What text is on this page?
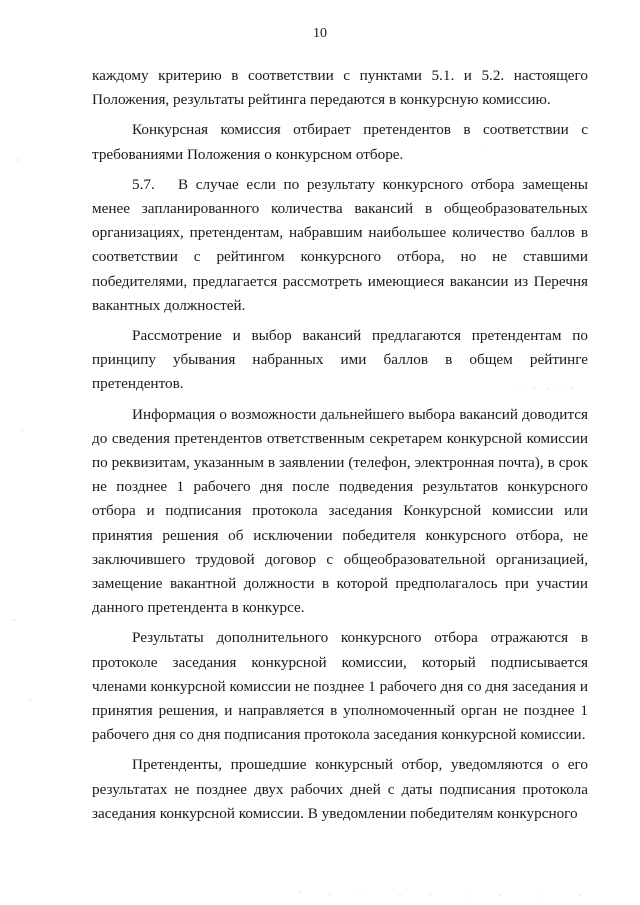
10

каждому критерию в соответствии с пунктами 5.1. и 5.2. настоящего Положения, результаты рейтинга передаются в конкурсную комиссию.

Конкурсная комиссия отбирает претендентов в соответствии с требованиями Положения о конкурсном отборе.

5.7. В случае если по результату конкурсного отбора замещены менее запланированного количества вакансий в общеобразовательных организациях, претендентам, набравшим наибольшее количество баллов в соответствии с рейтингом конкурсного отбора, но не ставшими победителями, предлагается рассмотреть имеющиеся вакансии из Перечня вакантных должностей.

Рассмотрение и выбор вакансий предлагаются претендентам по принципу убывания набранных ими баллов в общем рейтинге претендентов.

Информация о возможности дальнейшего выбора вакансий доводится до сведения претендентов ответственным секретарем конкурсной комиссии по реквизитам, указанным в заявлении (телефон, электронная почта), в срок не позднее 1 рабочего дня после подведения результатов конкурсного отбора и подписания протокола заседания Конкурсной комиссии или принятия решения об исключении победителя конкурсного отбора, не заключившего трудовой договор с общеобразовательной организацией, замещение вакантной должности в которой предполагалось при участии данного претендента в конкурсе.

Результаты дополнительного конкурсного отбора отражаются в протоколе заседания конкурсной комиссии, который подписывается членами конкурсной комиссии не позднее 1 рабочего дня со дня заседания и принятия решения, и направляется в уполномоченный орган не позднее 1 рабочего дня со дня подписания протокола заседания конкурсной комиссии.

Претенденты, прошедшие конкурсный отбор, уведомляются о его результатах не позднее двух рабочих дней с даты подписания протокола заседания конкурсной комиссии. В уведомлении победителям конкурсного
